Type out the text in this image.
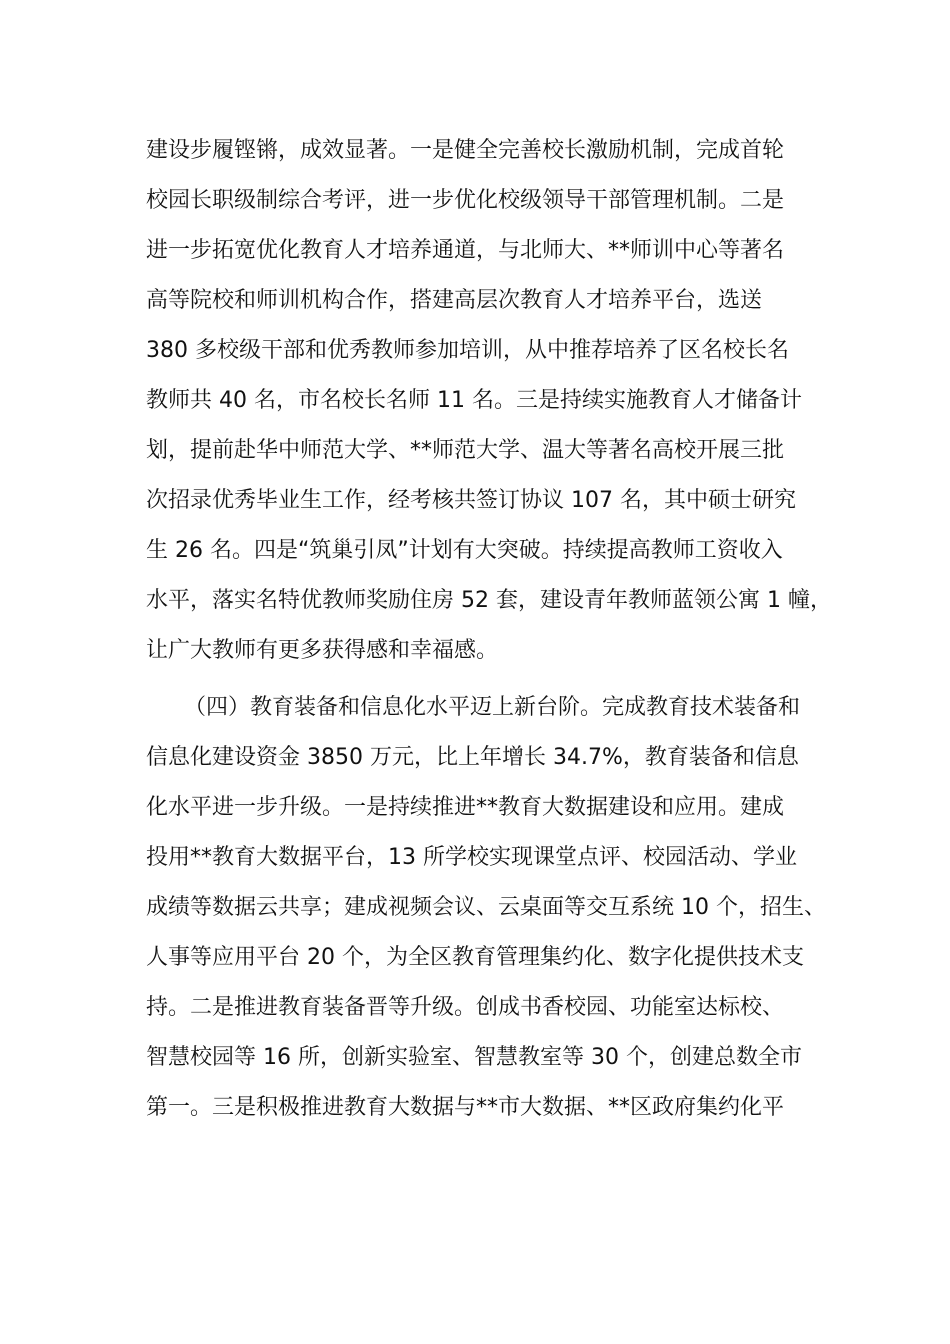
建设步履铿锵，成效显著。一是健全完善校长激励机制，完成首轮
校园长职级制综合考评，进一步优化校级领导干部管理机制。二是
进一步拓宽优化教育人才培养通道，与北师大、**师训中心等著名
高等院校和师训机构合作，搭建高层次教育人才培养平台，选送
380 多校级干部和优秀教师参加培训，从中推荐培养了区名校长名
教师共 40 名，市名校长名师 11 名。三是持续实施教育人才储备计
划，提前赴华中师范大学、**师范大学、温大等著名高校开展三批
次招录优秀毕业生工作，经考核共签订协议 107 名，其中硕士研究
生 26 名。四是“筑巢引凤”计划有大突破。持续提高教师工资收入
水平，落实名特优教师奖励住房 52 套，建设青年教师蓝领公寓 1 幢，
让广大教师有更多获得感和幸福感。
（四）教育装备和信息化水平迈上新台阶。完成教育技术装备和
信息化建设资金 3850 万元，比上年增长 34.7%，教育装备和信息
化水平进一步升级。一是持续推进**教育大数据建设和应用。建成
投用**教育大数据平台，13 所学校实现课堂点评、校园活动、学业
成绩等数据云共享；建成视频会议、云桌面等交互系统 10 个，招生、
人事等应用平台 20 个，为全区教育管理集约化、数字化提供技术支
持。二是推进教育装备晋等升级。创成书香校园、功能室达标校、
智慧校园等 16 所，创新实验室、智慧教室等 30 个，创建总数全市
第一。三是积极推进教育大数据与**市大数据、**区政府集约化平
